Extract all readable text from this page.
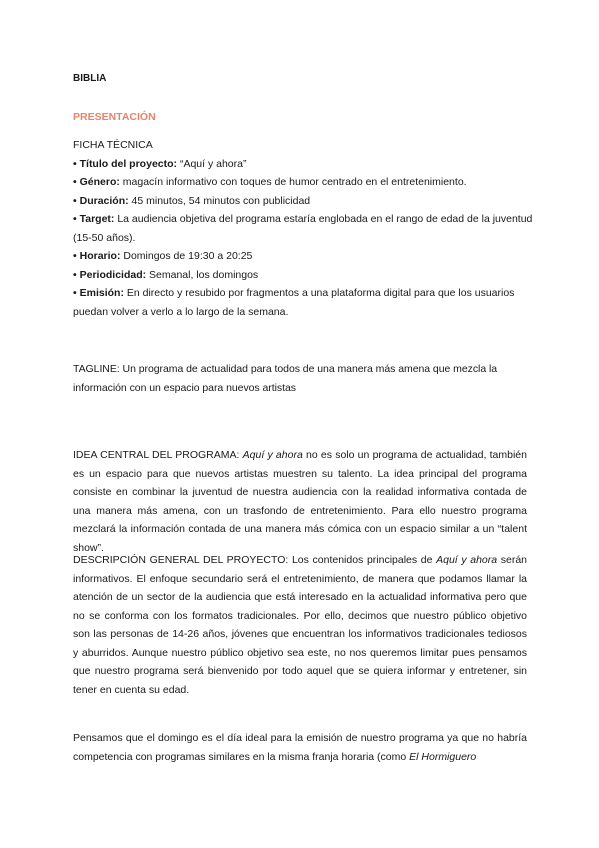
BIBLIA
PRESENTACIÓN
FICHA TÉCNICA
• Título del proyecto: “Aquí y ahora”
• Género: magacín informativo con toques de humor centrado en el entretenimiento.
• Duración: 45 minutos, 54 minutos con publicidad
• Target: La audiencia objetiva del programa estaría englobada en el rango de edad de la juventud (15-50 años).
• Horario: Domingos de 19:30 a 20:25
• Periodicidad: Semanal, los domingos
• Emisión: En directo y resubido por fragmentos a una plataforma digital para que los usuarios puedan volver a verlo a lo largo de la semana.
TAGLINE: Un programa de actualidad para todos de una manera más amena que mezcla la información con un espacio para nuevos artistas
IDEA CENTRAL DEL PROGRAMA: Aquí y ahora no es solo un programa de actualidad, también es un espacio para que nuevos artistas muestren su talento. La idea principal del programa consiste en combinar la juventud de nuestra audiencia con la realidad informativa contada de una manera más amena, con un trasfondo de entretenimiento. Para ello nuestro programa mezclará la información contada de una manera más cómica con un espacio similar a un “talent show”.
DESCRIPCIÓN GENERAL DEL PROYECTO: Los contenidos principales de Aquí y ahora serán informativos. El enfoque secundario será el entretenimiento, de manera que podamos llamar la atención de un sector de la audiencia que está interesado en la actualidad informativa pero que no se conforma con los formatos tradicionales. Por ello, decimos que nuestro público objetivo son las personas de 14-26 años, jóvenes que encuentran los informativos tradicionales tediosos y aburridos. Aunque nuestro público objetivo sea este, no nos queremos limitar pues pensamos que nuestro programa será bienvenido por todo aquel que se quiera informar y entretener, sin tener en cuenta su edad.
Pensamos que el domingo es el día ideal para la emisión de nuestro programa ya que no habría competencia con programas similares en la misma franja horaria (como El Hormiguero
